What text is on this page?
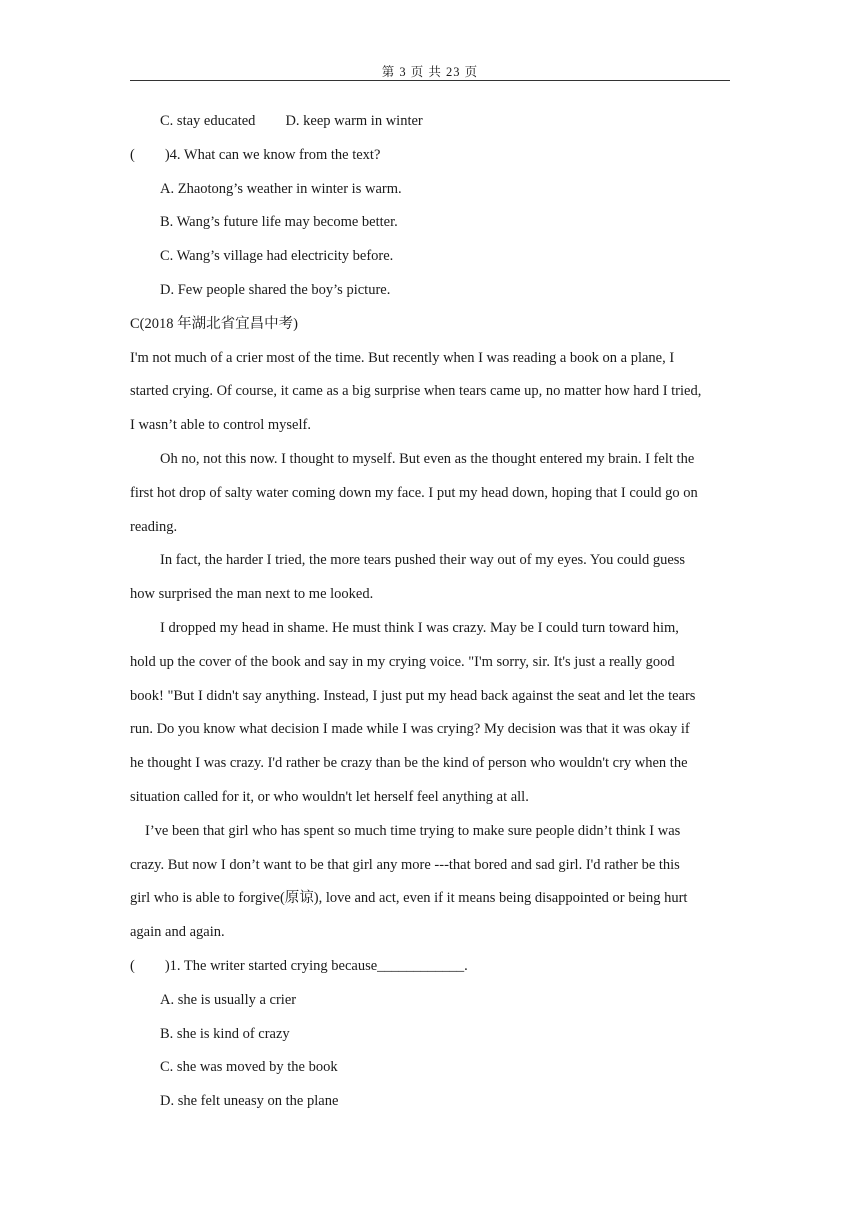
第 3 页 共 23 页
C. stay educated D. keep warm in winter
( )4. What can we know from the text?
A. Zhaotong’s weather in winter is warm.
B. Wang’s future life may become better.
C. Wang’s village had electricity before.
D. Few people shared the boy’s picture.
C(2018 年湖北省宜昌中考)
I'm not much of a crier most of the time. But recently when I was reading a book on a plane, I
started crying. Of course, it came as a big surprise when tears came up, no matter how hard I tried,
I wasn’t able to control myself.
Oh no, not this now. I thought to myself. But even as the thought entered my brain. I felt the
first hot drop of salty water coming down my face. I put my head down, hoping that I could go on
reading.
In fact, the harder I tried, the more tears pushed their way out of my eyes. You could guess
how surprised the man next to me looked.
I dropped my head in shame. He must think I was crazy. May be I could turn toward him,
hold up the cover of the book and say in my crying voice. "I'm sorry, sir. It's just a really good
book! "But I didn't say anything. Instead, I just put my head back against the seat and let the tears
run. Do you know what decision I made while I was crying? My decision was that it was okay if
he thought I was crazy. I'd rather be crazy than be the kind of person who wouldn't cry when the
situation called for it, or who wouldn't let herself feel anything at all.
I’ve been that girl who has spent so much time trying to make sure people didn’t think I was
crazy. But now I don’t want to be that girl any more ---that bored and sad girl. I'd rather be this
girl who is able to forgive(原谅), love and act, even if it means being disappointed or being hurt
again and again.
( )1. The writer started crying because____________.
A. she is usually a crier
B. she is kind of crazy
C. she was moved by the book
D. she felt uneasy on the plane
